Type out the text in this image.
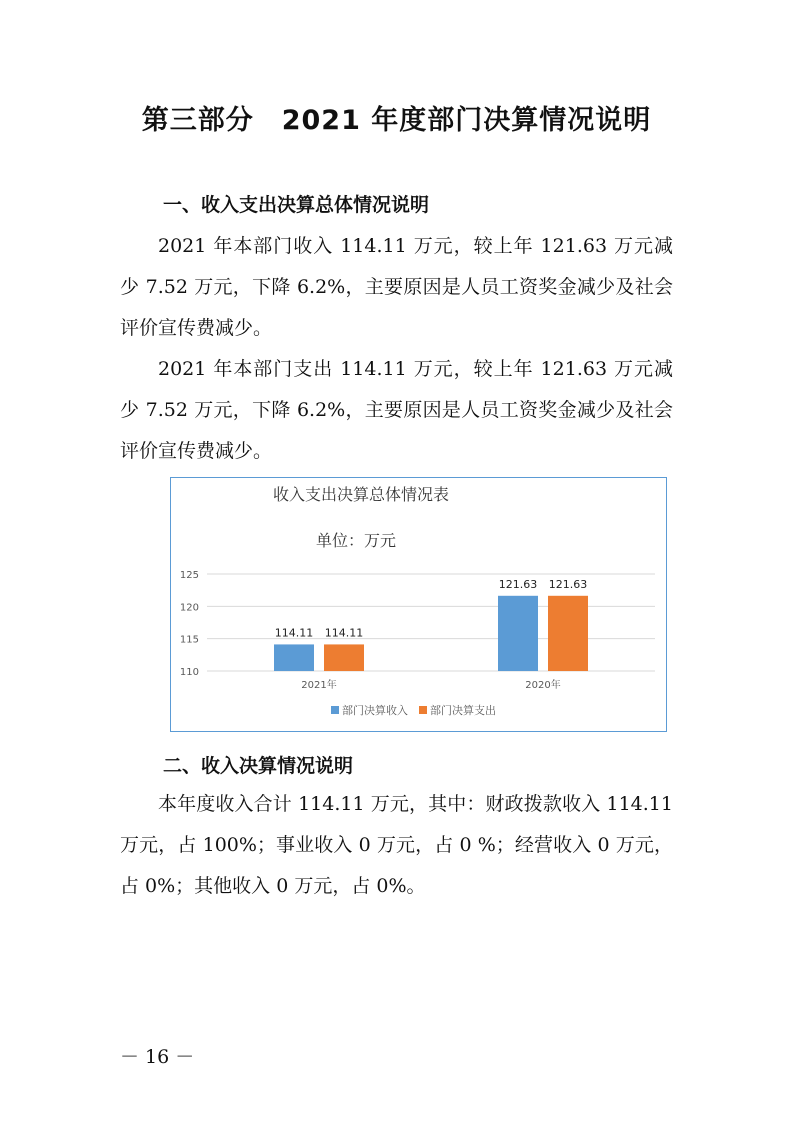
第三部分　2021 年度部门决算情况说明
一、收入支出决算总体情况说明
2021 年本部门收入 114.11 万元，较上年 121.63 万元减少 7.52 万元，下降 6.2%，主要原因是人员工资奖金减少及社会评价宣传费减少。
2021 年本部门支出 114.11 万元，较上年 121.63 万元减少 7.52 万元，下降 6.2%，主要原因是人员工资奖金减少及社会评价宣传费减少。
收入支出决算总体情况表
单位：万元
110
115
120
125
114.11 114.11
2021年
121.63 121.63
2020年
部门决算收入 部门决算支出
二、收入决算情况说明
本年度收入合计 114.11 万元，其中：财政拨款收入 114.11 万元，占 100%；事业收入 0 万元，占 0 %；经营收入 0 万元，占 0%；其他收入 0 万元，占 0%。
－ 16 －
